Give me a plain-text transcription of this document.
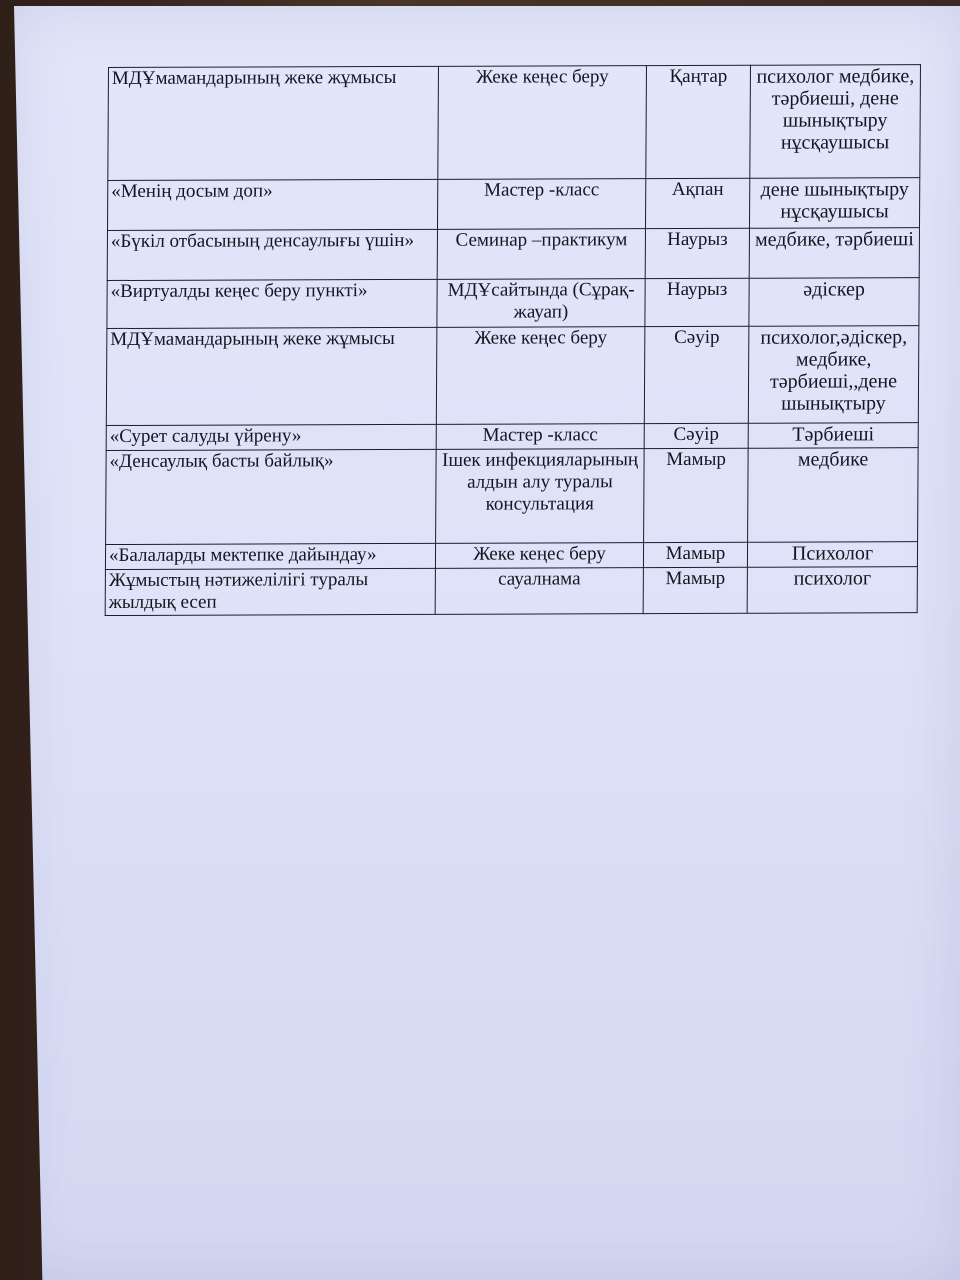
МДҰмамандарының жеке жұмысы	Жеке кеңес беру	Қаңтар	психолог медбике, тәрбиеші, дене шынықтыру нұсқаушысы
«Менің досым доп»	Мастер -класс	Ақпан	дене шынықтыру нұсқаушысы
«Бүкіл отбасының денсаулығы үшін»	Семинар –практикум	Наурыз	медбике, тәрбиеші
«Виртуалды кеңес беру пункті»	МДҰсайтында (Сұрақ-жауап)	Наурыз	әдіскер
МДҰмамандарының жеке жұмысы	Жеке кеңес беру	Сәуір	психолог,әдіскер, медбике, тәрбиеші,,дене шынықтыру
«Сурет салуды үйрену»	Мастер -класс	Сәуір	Тәрбиеші
«Денсаулық басты байлық»	Ішек инфекцияларының алдын алу туралы консультация	Мамыр	медбике
«Балаларды мектепке дайындау»	Жеке кеңес беру	Мамыр	Психолог
Жұмыстың нәтижелілігі туралы жылдық есеп	сауалнама	Мамыр	психолог
